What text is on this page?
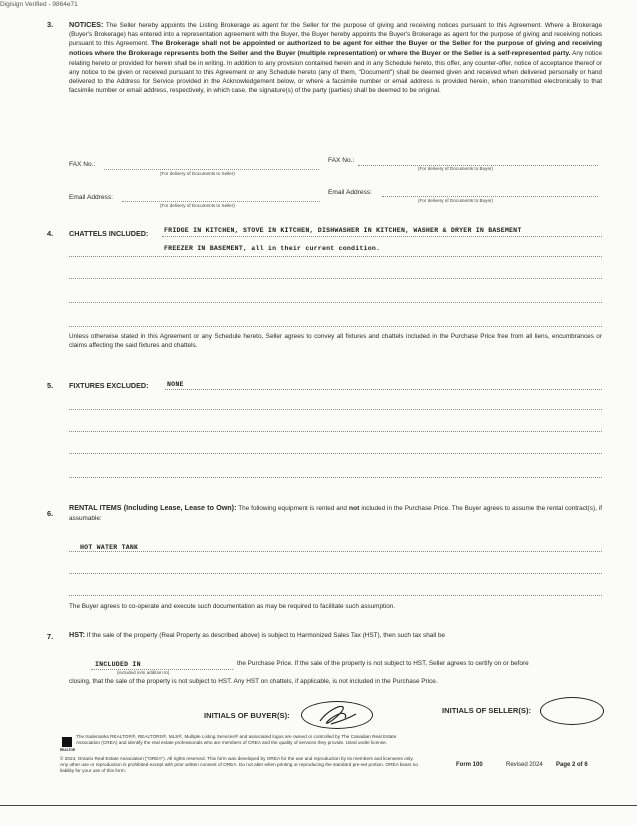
Digisign Verified - 9864e71
3. NOTICES: The Seller hereby appoints the Listing Brokerage as agent for the Seller for the purpose of giving and receiving notices pursuant to this Agreement. Where a Brokerage (Buyer's Brokerage) has entered into a representation agreement with the Buyer, the Buyer hereby appoints the Buyer's Brokerage as agent for the purpose of giving and receiving notices pursuant to this Agreement. The Brokerage shall not be appointed or authorized to be agent for either the Buyer or the Seller for the purpose of giving and receiving notices where the Brokerage represents both the Seller and the Buyer (multiple representation) or where the Buyer or the Seller is a self-represented party. Any notice relating hereto or provided for herein shall be in writing. In addition to any provision contained herein and in any Schedule hereto, this offer, any counter-offer, notice of acceptance thereof or any notice to be given or received pursuant to this Agreement or any Schedule hereto (any of them, "Document") shall be deemed given and received when delivered personally or hand delivered to the Address for Service provided in the Acknowledgement below, or where a facsimile number or email address is provided herein, when transmitted electronically to that facsimile number or email address, respectively, in which case, the signature(s) of the party (parties) shall be deemed to be original.
FAX No.:
(For delivery of Documents to Seller)
FAX No.:
(For delivery of Documents to Buyer)
Email Address:
(For delivery of Documents to Seller)
Email Address:
(For delivery of Documents to Buyer)
4. CHATTELS INCLUDED: FRIDGE IN KITCHEN, STOVE IN KITCHEN, DISHWASHER IN KITCHEN, WASHER & DRYER IN BASEMENT
FREEZER IN BASEMENT, all in their current condition.
Unless otherwise stated in this Agreement or any Schedule hereto, Seller agrees to convey all fixtures and chattels included in the Purchase Price free from all liens, encumbrances or claims affecting the said fixtures and chattels.
5. FIXTURES EXCLUDED:	NONE
6.
RENTAL ITEMS (Including Lease, Lease to Own): The following equipment is rented and not included in the Purchase Price. The Buyer agrees to assume the rental contract(s), if assumable:
HOT WATER TANK
The Buyer agrees to co-operate and execute such documentation as may be required to facilitate such assumption.
7. HST: If the sale of the property (Real Property as described above) is subject to Harmonized Sales Tax (HST), then such tax shall be
INCLUDED IN
(included in/in addition to)
the Purchase Price. If the sale of the property is not subject to HST, Seller agrees to certify on or before
closing, that the sale of the property is not subject to HST. Any HST on chattels, if applicable, is not included in the Purchase Price.
INITIALS OF BUYER(S):
INITIALS OF SELLER(S):
REALTOR
The trademarks REALTOR®, REALTORS®, MLS®, Multiple Listing Services® and associated logos are owned or controlled by The Canadian Real Estate Association (CREA) and identify the real estate professionals who are members of CREA and the quality of services they provide. Used under license.
© 2024, Ontario Real Estate Association ("OREA"). All rights reserved. This form was developed by OREA for the use and reproduction by its members and licensees only. Any other use or reproduction is prohibited except with prior written consent of OREA. Do not alter when printing or reproducing the standard pre-set portion. OREA bears no liability for your use of this form.
Form 100	Revised 2024 Page 2 of 6
